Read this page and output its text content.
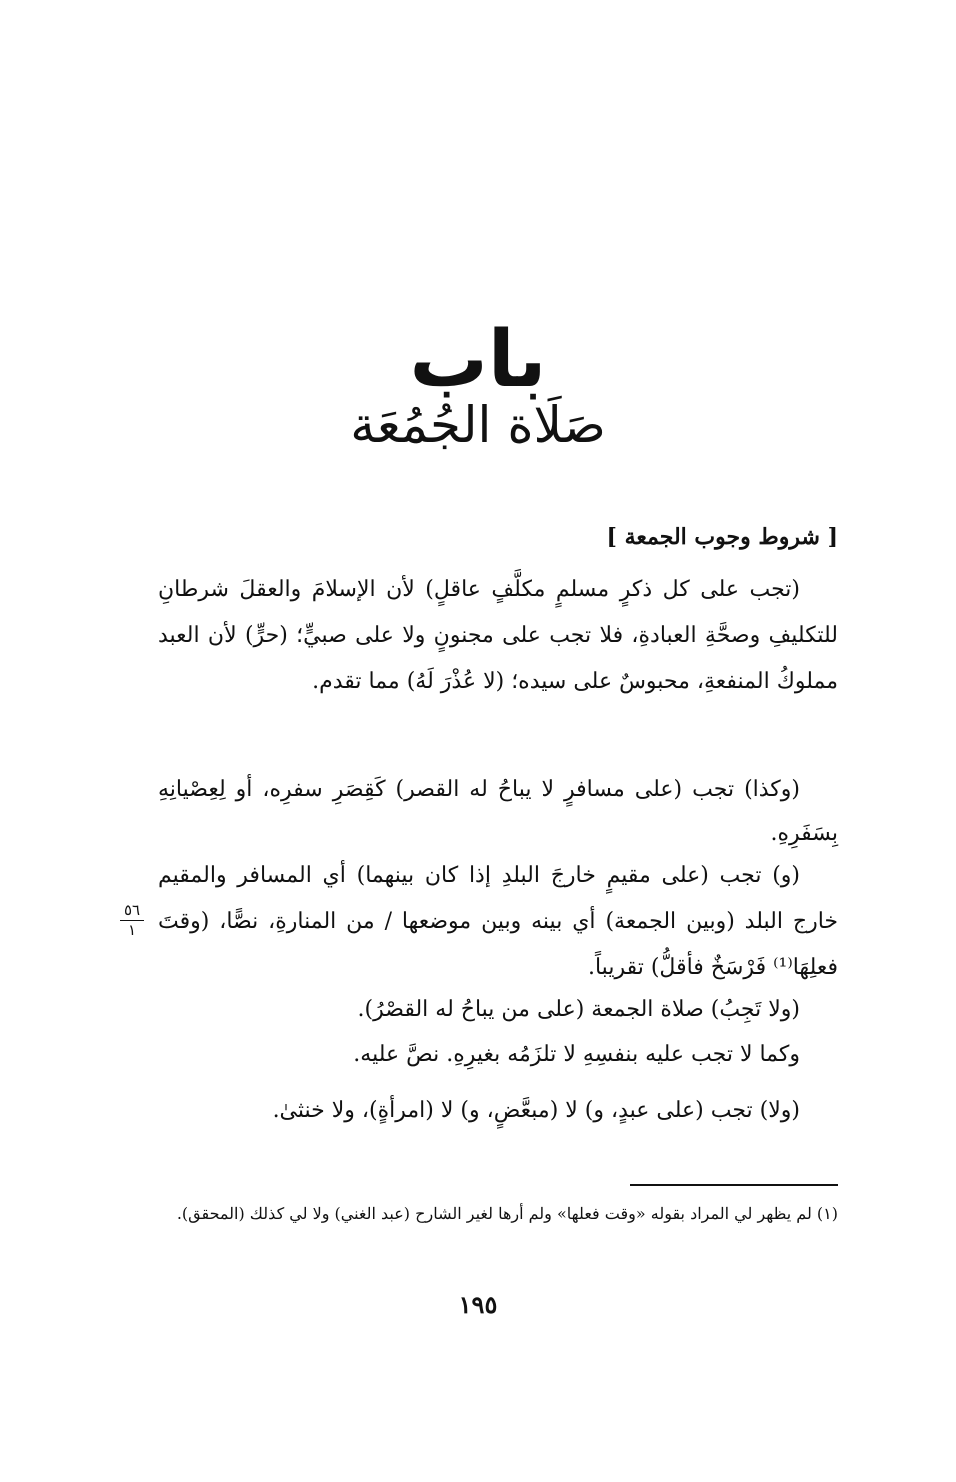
باب
صَلَاة الجُمُعَة
[ شروط وجوب الجمعة ]

(تجب على كل ذكرٍ مسلمٍ مكلَّفٍ عاقلٍ) لأن الإسلامَ والعقلَ شرطانِ للتكليفِ وصحَّةِ العبادةِ، فلا تجب على مجنونٍ ولا على صبيٍّ؛ (حرٍّ) لأن العبد مملوكُ المنفعةِ، محبوسٌ على سيده؛ (لا عُذْرَ لَهُ) مما تقدم.

(وكذا) تجب (على مسافرٍ لا يباحُ له القصر) كَقِصَرِ سفرِه، أو لِعِصْيانِهِ بِسَفَرِهِ.

(و) تجب (على مقيمٍ خارجَ البلدِ إذا كان بينهما) أي المسافر والمقيم خارج البلد (وبين الجمعة) أي بينه وبين موضعها / من المنارةِ، نصًّا، (وقتَ فعلِهَا⁽¹⁾ فَرْسَخٌ فأقلُّ) تقريباً.

(ولا تَجِبُ) صلاة الجمعة (على من يباحُ له القصْرُ).

وكما لا تجب عليه بنفسِهِ لا تلزَمُه بغيرِهِ. نصَّ عليه.

(ولا) تجب (على عبدٍ، و) لا (مبعَّضٍ، و) لا (امرأةٍ)، ولا خنثىٰ.

٥٦
١
(١) لم يظهر لي المراد بقوله «وقت فعلها» ولم أرها لغير الشارح (عبد الغني) ولا لي كذلك (المحقق).
١٩٥
